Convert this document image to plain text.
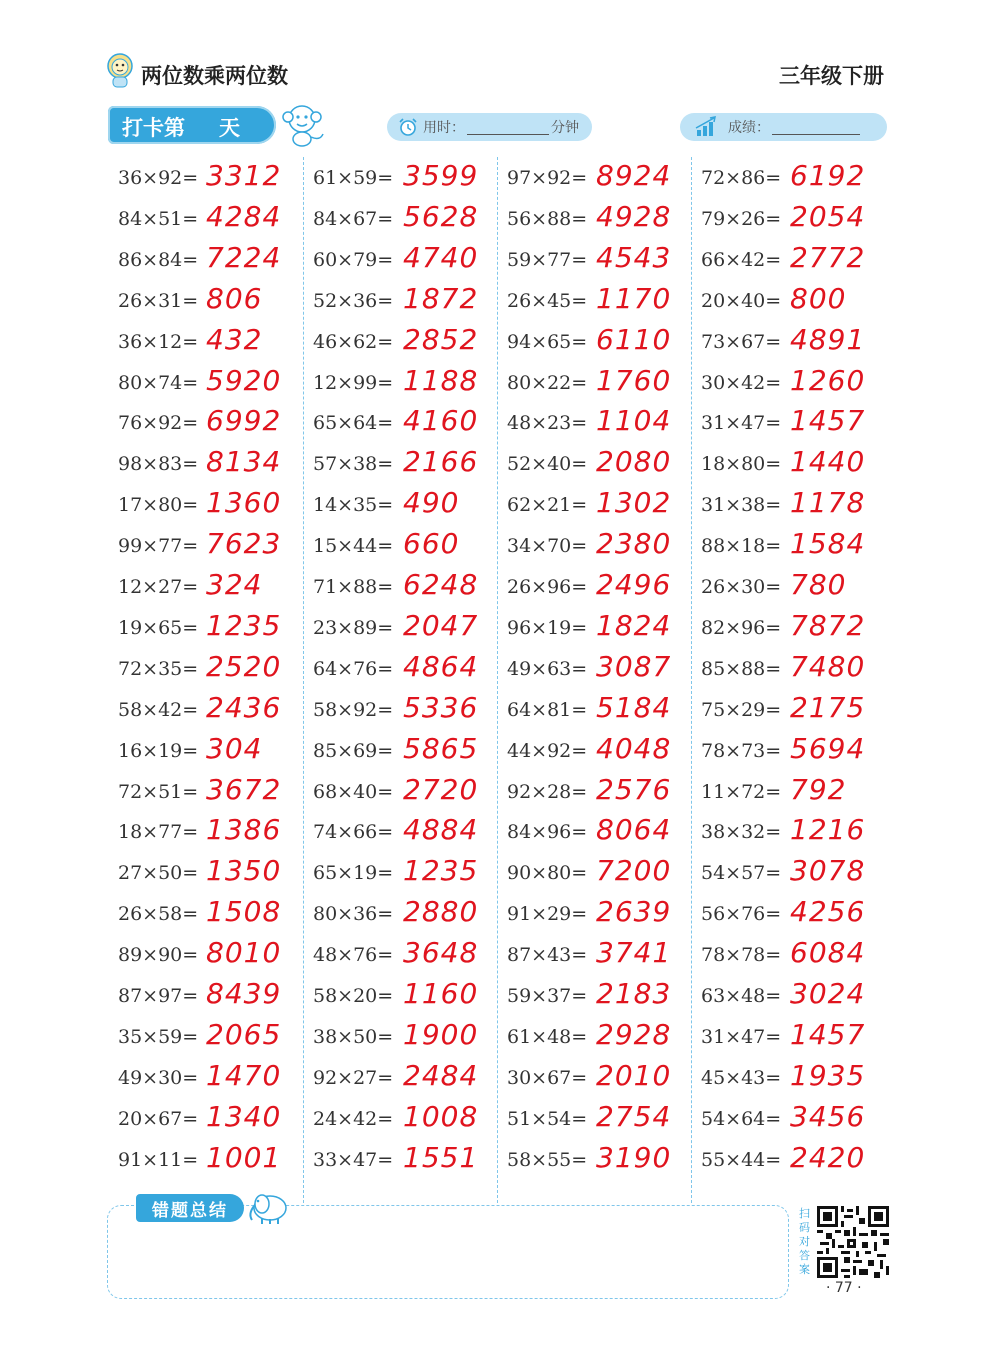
两位数乘两位数	三年级下册
打卡第 天	用时：	分钟	成绩：
36×92= 3312
84×51= 4284
86×84= 7224
26×31= 806
36×12= 432
80×74= 5920
76×92= 6992
98×83= 8134
17×80= 1360
99×77= 7623
12×27= 324
19×65= 1235
72×35= 2520
58×42= 2436
16×19= 304
72×51= 3672
18×77= 1386
27×50= 1350
26×58= 1508
89×90= 8010
87×97= 8439
35×59= 2065
49×30= 1470
20×67= 1340
91×11= 1001
61×59= 3599
84×67= 5628
60×79= 4740
52×36= 1872
46×62= 2852
12×99= 1188
65×64= 4160
57×38= 2166
14×35= 490
15×44= 660
71×88= 6248
23×89= 2047
64×76= 4864
58×92= 5336
85×69= 5865
68×40= 2720
74×66= 4884
65×19= 1235
80×36= 2880
48×76= 3648
58×20= 1160
38×50= 1900
92×27= 2484
24×42= 1008
33×47= 1551
97×92= 8924
56×88= 4928
59×77= 4543
26×45= 1170
94×65= 6110
80×22= 1760
48×23= 1104
52×40= 2080
62×21= 1302
34×70= 2380
26×96= 2496
96×19= 1824
49×63= 3087
64×81= 5184
44×92= 4048
92×28= 2576
84×96= 8064
90×80= 7200
91×29= 2639
87×43= 3741
59×37= 2183
61×48= 2928
30×67= 2010
51×54= 2754
58×55= 3190
72×86= 6192
79×26= 2054
66×42= 2772
20×40= 800
73×67= 4891
30×42= 1260
31×47= 1457
18×80= 1440
31×38= 1178
88×18= 1584
26×30= 780
82×96= 7872
85×88= 7480
75×29= 2175
78×73= 5694
11×72= 792
38×32= 1216
54×57= 3078
56×76= 4256
78×78= 6084
63×48= 3024
31×47= 1457
45×43= 1935
54×64= 3456
55×44= 2420
错题总结	扫码对答案
· 77 ·
